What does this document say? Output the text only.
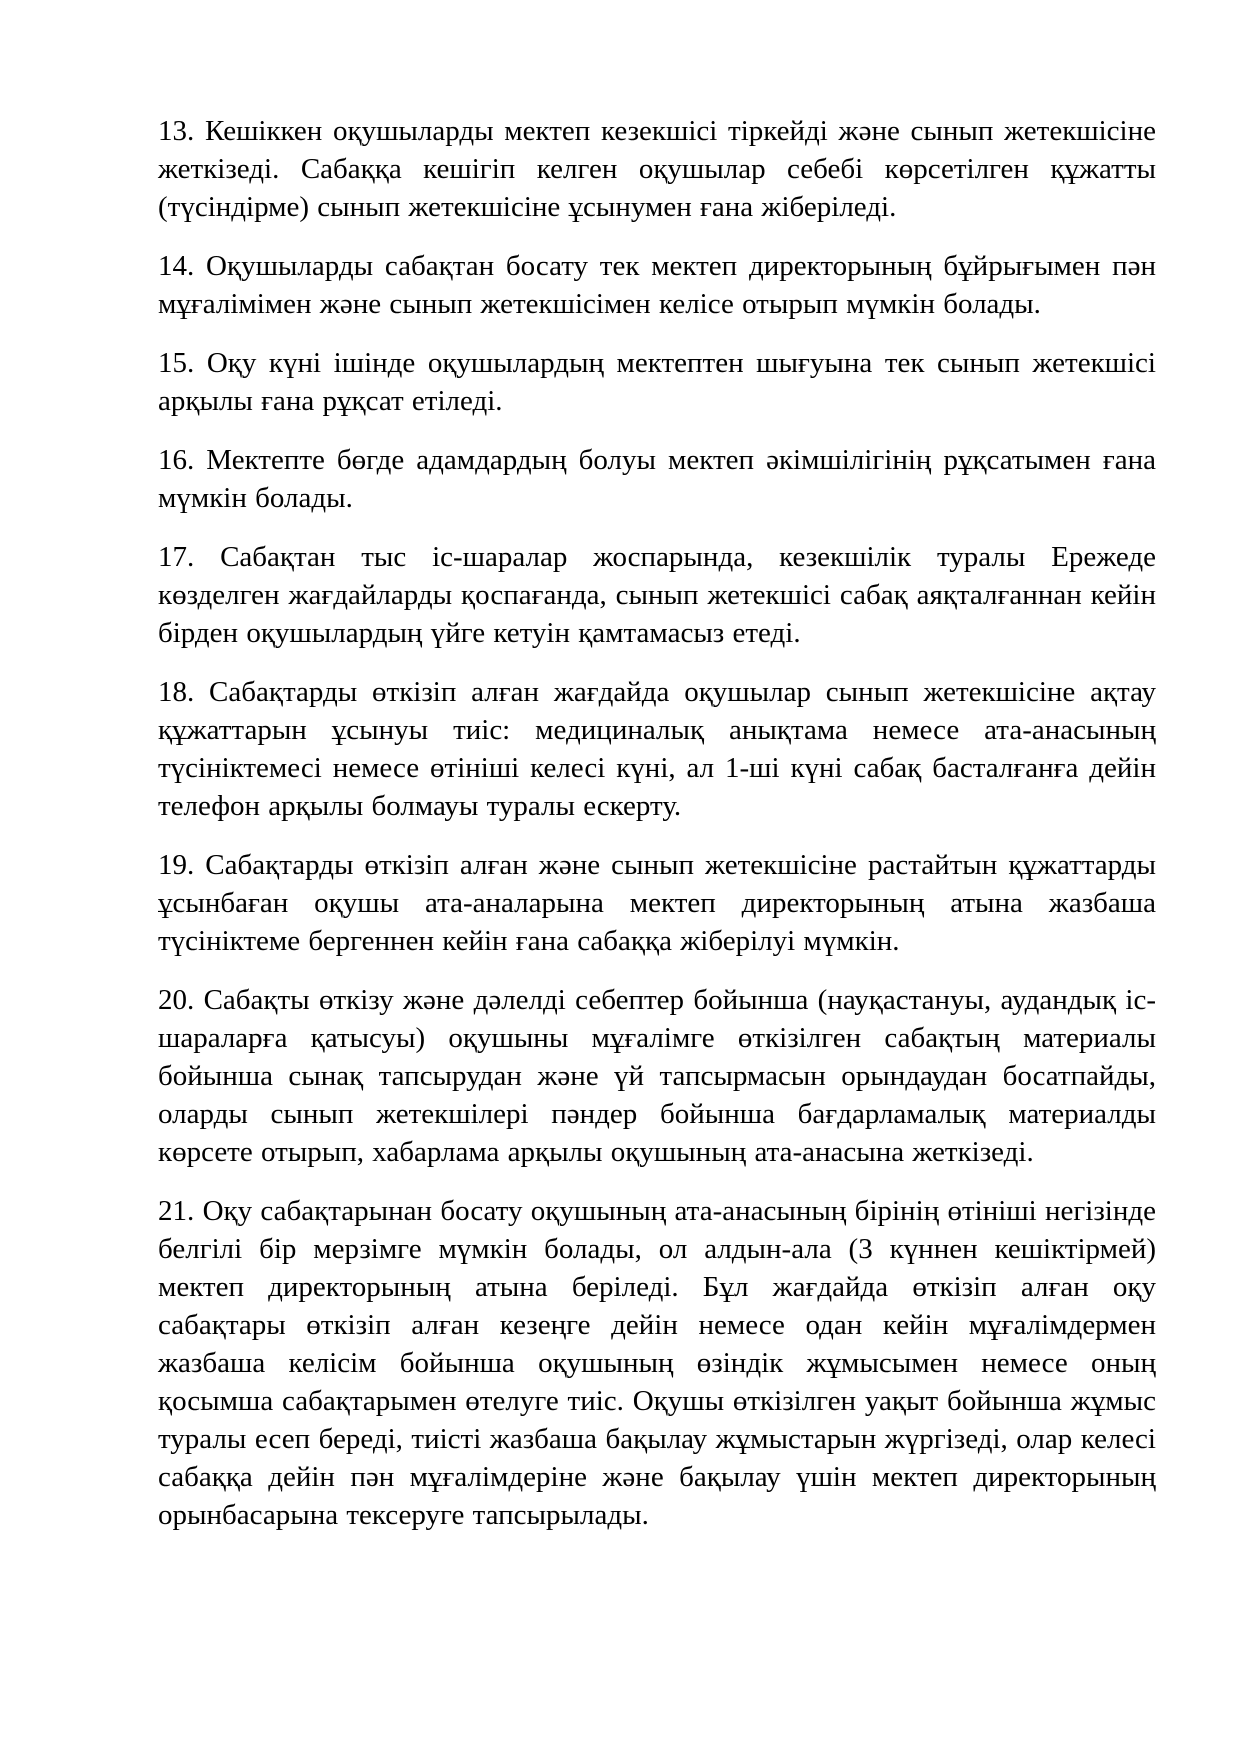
13. Кешіккен оқушыларды мектеп кезекшісі тіркейді және сынып жетекшісіне жеткізеді. Сабаққа кешігіп келген оқушылар себебі көрсетілген құжатты (түсіндірме) сынып жетекшісіне ұсынумен ғана жіберіледі.

14. Оқушыларды сабақтан босату тек мектеп директорының бұйрығымен пән мұғалімімен және сынып жетекшісімен келісе отырып мүмкін болады.

15. Оқу күні ішінде оқушылардың мектептен шығуына тек сынып жетекшісі арқылы ғана рұқсат етіледі.

16. Мектепте бөгде адамдардың болуы мектеп әкімшілігінің рұқсатымен ғана мүмкін болады.

17. Сабақтан тыс іс-шаралар жоспарында, кезекшілік туралы Ережеде көзделген жағдайларды қоспағанда, сынып жетекшісі сабақ аяқталғаннан кейін бірден оқушылардың үйге кетуін қамтамасыз етеді.

18. Сабақтарды өткізіп алған жағдайда оқушылар сынып жетекшісіне ақтау құжаттарын ұсынуы тиіс: медициналық анықтама немесе ата-анасының түсініктемесі немесе өтініші келесі күні, ал 1-ші күні сабақ басталғанға дейін телефон арқылы болмауы туралы ескерту.

19. Сабақтарды өткізіп алған және сынып жетекшісіне растайтын құжаттарды ұсынбаған оқушы ата-аналарына мектеп директорының атына жазбаша түсініктеме бергеннен кейін ғана сабаққа жіберілуі мүмкін.

20. Сабақты өткізу және дәлелді себептер бойынша (науқастануы, аудандық іс-шараларға қатысуы) оқушыны мұғалімге өткізілген сабақтың материалы бойынша сынақ тапсырудан және үй тапсырмасын орындаудан босатпайды, оларды сынып жетекшілері пәндер бойынша бағдарламалық материалды көрсете отырып, хабарлама арқылы оқушының ата-анасына жеткізеді.

21. Оқу сабақтарынан босату оқушының ата-анасының бірінің өтініші негізінде белгілі бір мерзімге мүмкін болады, ол алдын-ала (3 күннен кешіктірмей) мектеп директорының атына беріледі. Бұл жағдайда өткізіп алған оқу сабақтары өткізіп алған кезеңге дейін немесе одан кейін мұғалімдермен жазбаша келісім бойынша оқушының өзіндік жұмысымен немесе оның қосымша сабақтарымен өтелуге тиіс. Оқушы өткізілген уақыт бойынша жұмыс туралы есеп береді, тиісті жазбаша бақылау жұмыстарын жүргізеді, олар келесі сабаққа дейін пән мұғалімдеріне және бақылау үшін мектеп директорының орынбасарына тексеруге тапсырылады.
